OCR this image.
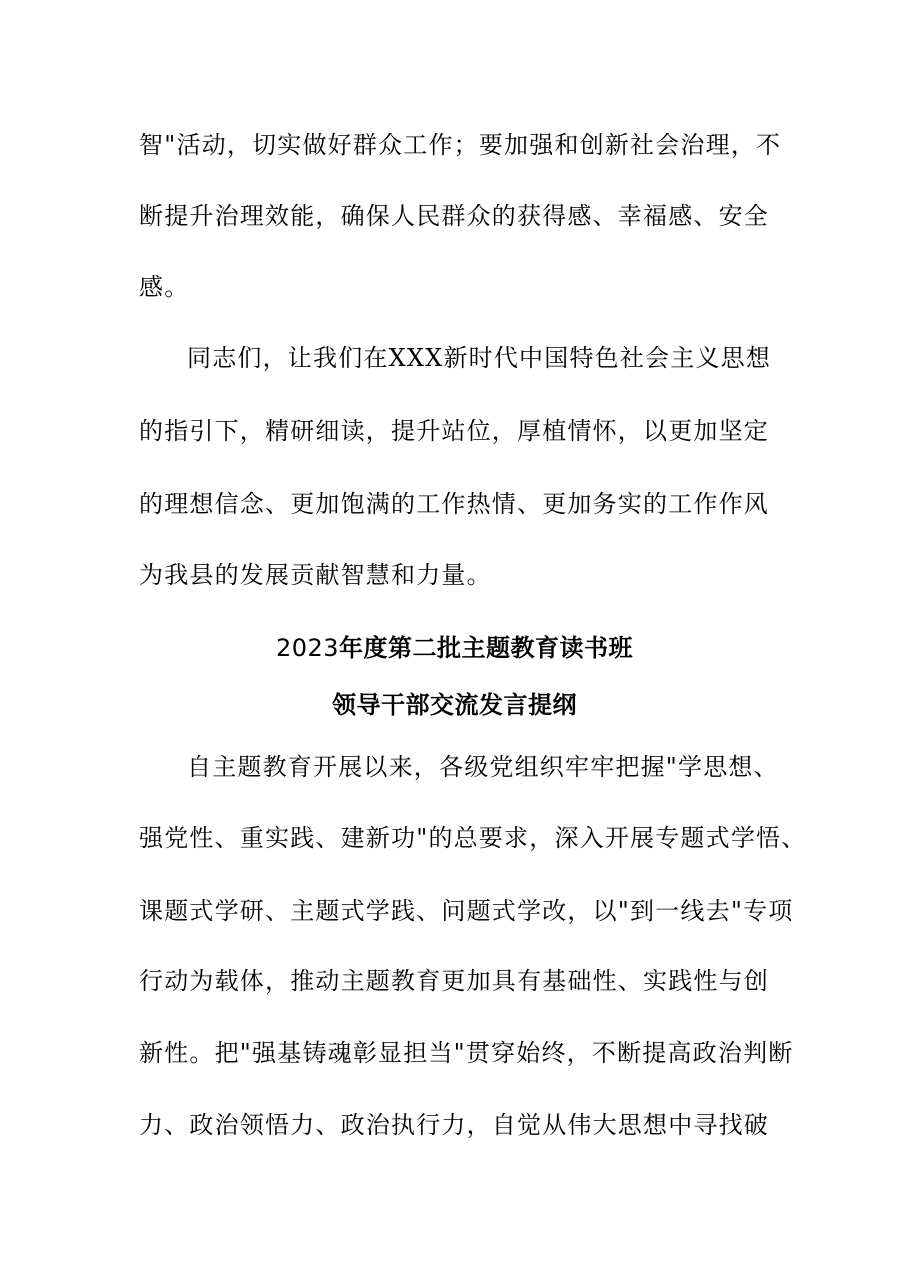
智"活动，切实做好群众工作；要加强和创新社会治理，不
断提升治理效能，确保人民群众的获得感、幸福感、安全
感。
同志们，让我们在XXX新时代中国特色社会主义思想
的指引下，精研细读，提升站位，厚植情怀，以更加坚定
的理想信念、更加饱满的工作热情、更加务实的工作作风
为我县的发展贡献智慧和力量。
2023年度第二批主题教育读书班
领导干部交流发言提纲
自主题教育开展以来，各级党组织牢牢把握"学思想、
强党性、重实践、建新功"的总要求，深入开展专题式学悟、
课题式学研、主题式学践、问题式学改，以"到一线去"专项
行动为载体，推动主题教育更加具有基础性、实践性与创
新性。把"强基铸魂彰显担当"贯穿始终，不断提高政治判断
力、政治领悟力、政治执行力，自觉从伟大思想中寻找破
